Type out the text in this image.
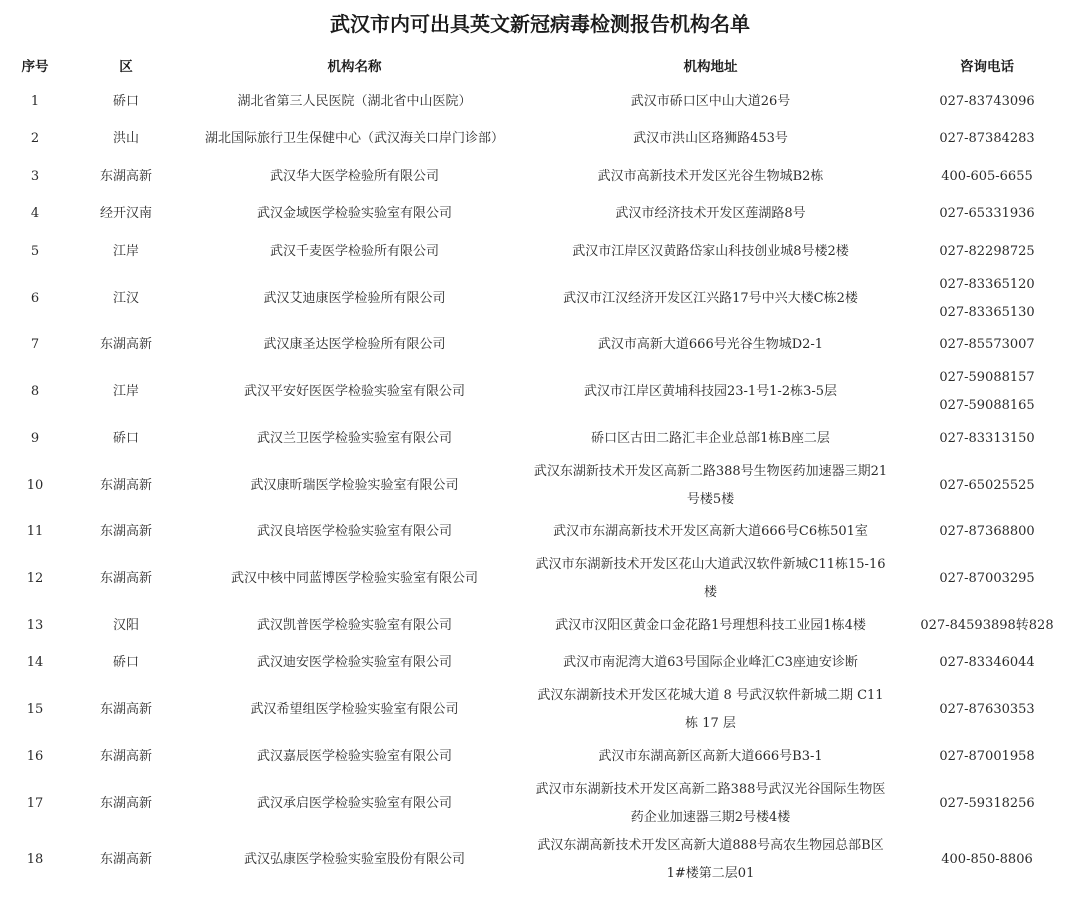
武汉市内可出具英文新冠病毒检测报告机构名单
序号	区	机构名称	机构地址	咨询电话
1	硚口	湖北省第三人民医院（湖北省中山医院）	武汉市硚口区中山大道26号	027-83743096

2	洪山	湖北国际旅行卫生保健中心（武汉海关口岸门诊部）	武汉市洪山区珞狮路453号	027-87384283

3	东湖高新	武汉华大医学检验所有限公司	武汉市高新技术开发区光谷生物城B2栋	400-605-6655

4	经开汉南	武汉金域医学检验实验室有限公司	武汉市经济技术开发区莲湖路8号	027-65331936

5	江岸	武汉千麦医学检验所有限公司	武汉市江岸区汉黄路岱家山科技创业城8号楼2楼	027-82298725

6	江汉	武汉艾迪康医学检验所有限公司	武汉市江汉经济开发区江兴路17号中兴大楼C栋2楼	027-83365120
027-83365130

7	东湖高新	武汉康圣达医学检验所有限公司	武汉市高新大道666号光谷生物城D2-1	027-85573007

8	江岸	武汉平安好医医学检验实验室有限公司	武汉市江岸区黄埔科技园23-1号1-2栋3-5层	027-59088157
027-59088165

9	硚口	武汉兰卫医学检验实验室有限公司	硚口区古田二路汇丰企业总部1栋B座二层	027-83313150

10	东湖高新	武汉康昕瑞医学检验实验室有限公司	武汉东湖新技术开发区高新二路388号生物医药加速器三期21号楼5楼	027-65025525

11	东湖高新	武汉良培医学检验实验室有限公司	武汉市东湖高新技术开发区高新大道666号C6栋501室	027-87368800

12	东湖高新	武汉中核中同蓝博医学检验实验室有限公司	武汉市东湖新技术开发区花山大道武汉软件新城C11栋15-16楼	027-87003295

13	汉阳	武汉凯普医学检验实验室有限公司	武汉市汉阳区黄金口金花路1号理想科技工业园1栋4楼	027-84593898转828

14	硚口	武汉迪安医学检验实验室有限公司	武汉市南泥湾大道63号国际企业峰汇C3座迪安诊断	027-83346044

15	东湖高新	武汉希望组医学检验实验室有限公司	武汉东湖新技术开发区花城大道 8 号武汉软件新城二期 C11 栋 17 层	027-87630353

16	东湖高新	武汉嘉辰医学检验实验室有限公司	武汉市东湖高新区高新大道666号B3-1	027-87001958

17	东湖高新	武汉承启医学检验实验室有限公司	武汉市东湖新技术开发区高新二路388号武汉光谷国际生物医药企业加速器三期2号楼4楼	027-59318256

18	东湖高新	武汉弘康医学检验实验室股份有限公司	武汉东湖高新技术开发区高新大道888号高农生物园总部B区1#楼第二层01	400-850-8806
